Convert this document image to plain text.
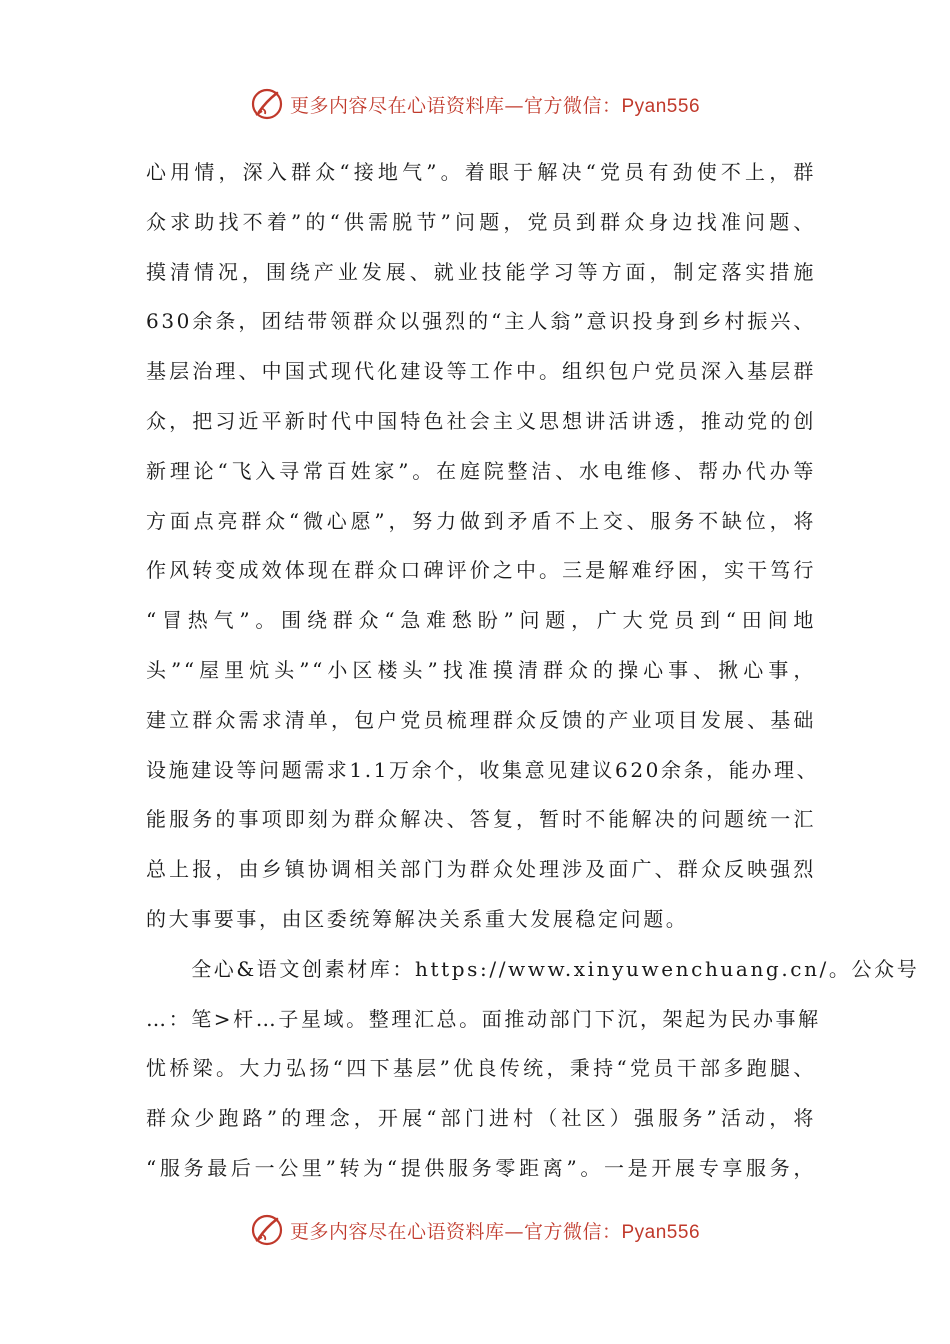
更多内容尽在心语资料库—官方微信：Pyan556
心用情，深入群众“接地气”。着眼于解决“党员有劲使不上，群
众求助找不着”的“供需脱节”问题，党员到群众身边找准问题、
摸清情况，围绕产业发展、就业技能学习等方面，制定落实措施
630余条，团结带领群众以强烈的“主人翁”意识投身到乡村振兴、
基层治理、中国式现代化建设等工作中。组织包户党员深入基层群
众，把习近平新时代中国特色社会主义思想讲活讲透，推动党的创
新理论“飞入寻常百姓家”。在庭院整洁、水电维修、帮办代办等
方面点亮群众“微心愿”，努力做到矛盾不上交、服务不缺位，将
作风转变成效体现在群众口碑评价之中。三是解难纾困，实干笃行
“冒热气”。围绕群众“急难愁盼”问题，广大党员到“田间地
头”“屋里炕头”“小区楼头”找准摸清群众的操心事、揪心事，
建立群众需求清单，包户党员梳理群众反馈的产业项目发展、基础
设施建设等问题需求1.1万余个，收集意见建议620余条，能办理、
能服务的事项即刻为群众解决、答复，暂时不能解决的问题统一汇
总上报，由乡镇协调相关部门为群众处理涉及面广、群众反映强烈
的大事要事，由区委统筹解决关系重大发展稳定问题。
　　全心&语文创素材库：https://www.xinyuwenchuang.cn/。公众号
…：笔>杆…子星域。整理汇总。面推动部门下沉，架起为民办事解
忧桥梁。大力弘扬“四下基层”优良传统，秉持“党员干部多跑腿、
群众少跑路”的理念，开展“部门进村（社区）强服务”活动，将
“服务最后一公里”转为“提供服务零距离”。一是开展专享服务，
更多内容尽在心语资料库—官方微信：Pyan556
